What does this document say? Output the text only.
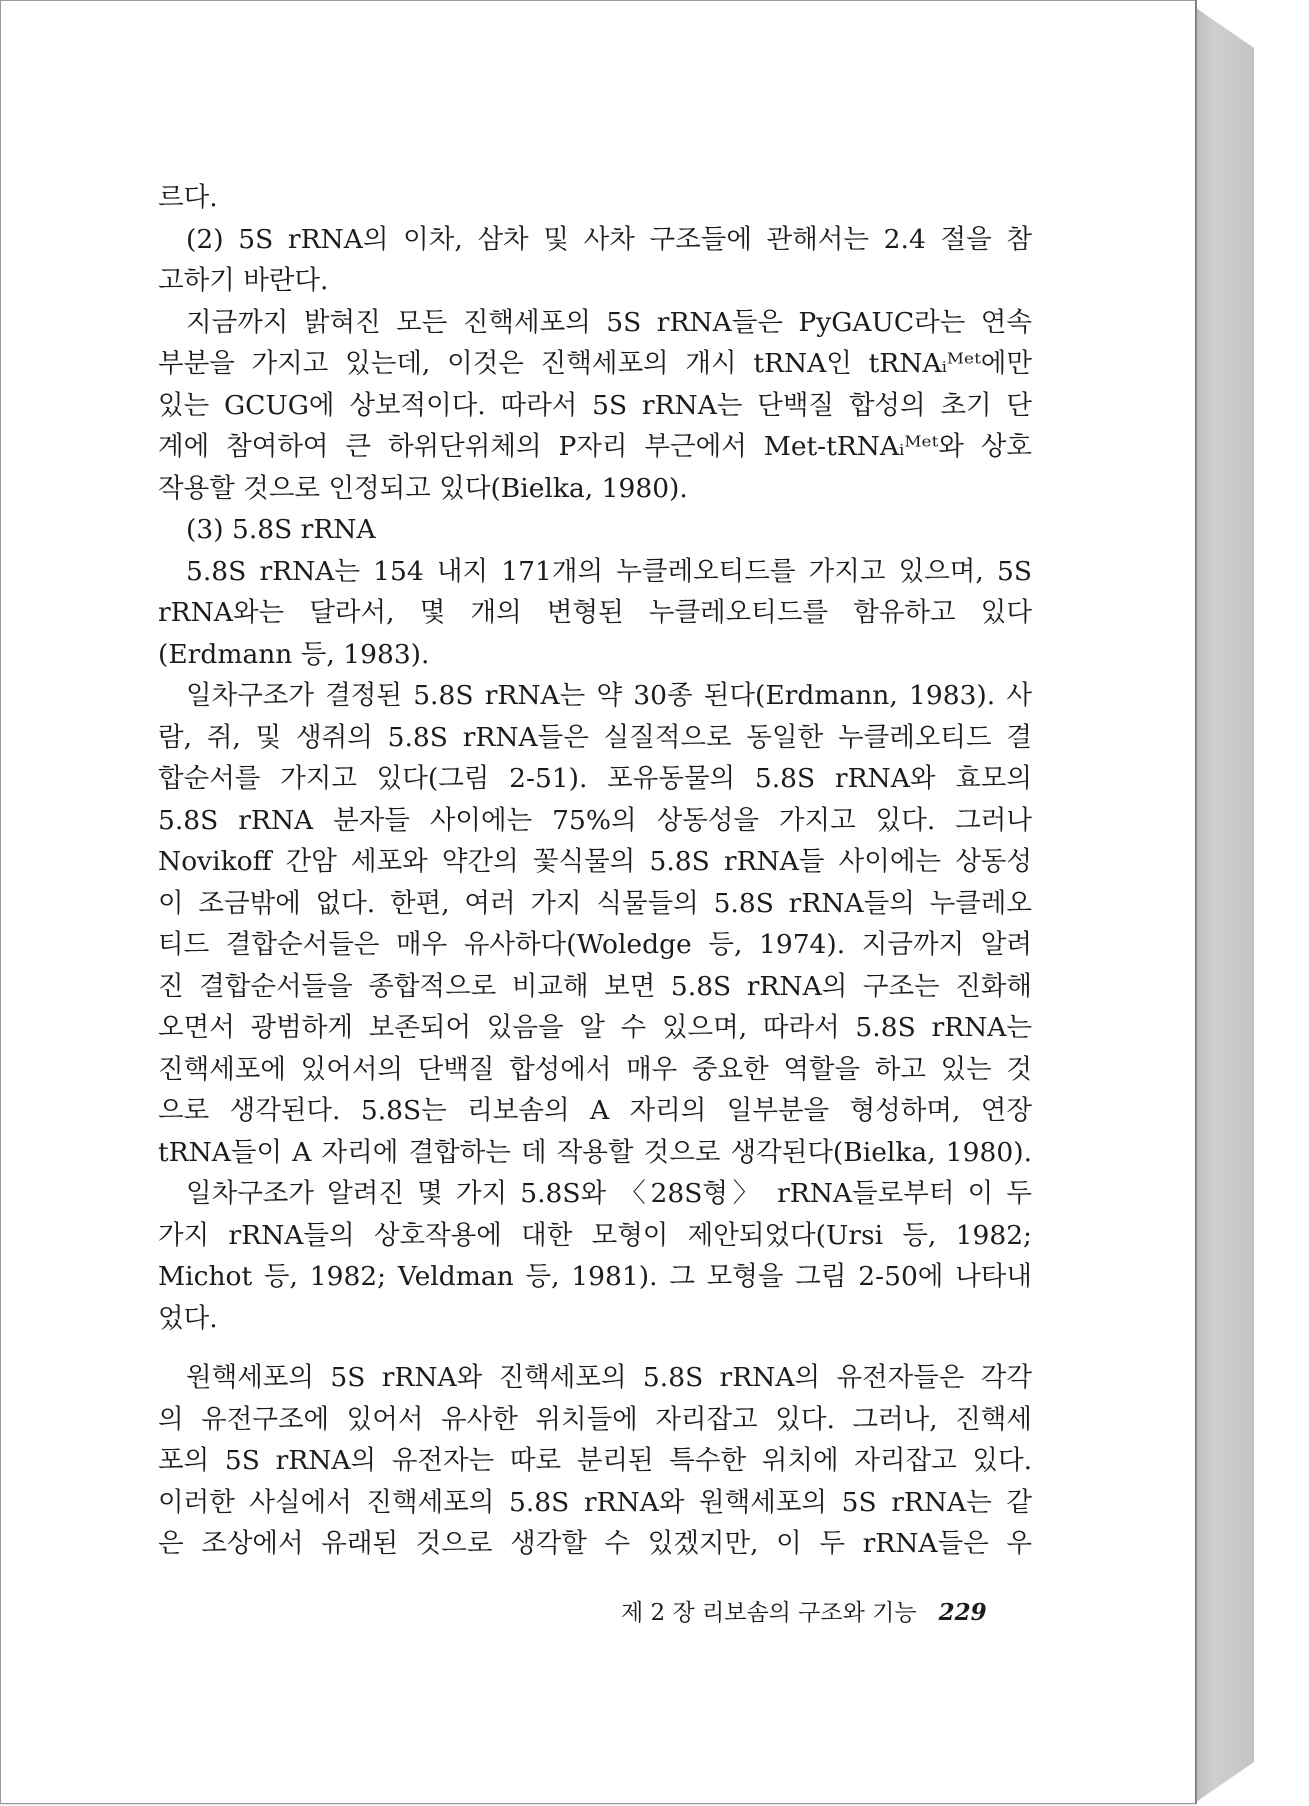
르다.
(2) 5S rRNA의 이차, 삼차 및 사차 구조들에 관해서는 2.4 절을 참
고하기 바란다.
지금까지 밝혀진 모든 진핵세포의 5S rRNA들은 PyGAUC라는 연속
부분을 가지고 있는데, 이것은 진핵세포의 개시 tRNA인 tRNAᵢᴹᵉᵗ에만
있는 GCUG에 상보적이다. 따라서 5S rRNA는 단백질 합성의 초기 단
계에 참여하여 큰 하위단위체의 P자리 부근에서 Met-tRNAᵢᴹᵉᵗ와 상호
작용할 것으로 인정되고 있다(Bielka, 1980).
(3) 5.8S rRNA
5.8S rRNA는 154 내지 171개의 누클레오티드를 가지고 있으며, 5S
rRNA와는 달라서, 몇 개의 변형된 누클레오티드를 함유하고 있다
(Erdmann 등, 1983).
일차구조가 결정된 5.8S rRNA는 약 30종 된다(Erdmann, 1983). 사
람, 쥐, 및 생쥐의 5.8S rRNA들은 실질적으로 동일한 누클레오티드 결
합순서를 가지고 있다(그림 2-51). 포유동물의 5.8S rRNA와 효모의
5.8S rRNA 분자들 사이에는 75%의 상동성을 가지고 있다. 그러나
Novikoff 간암 세포와 약간의 꽃식물의 5.8S rRNA들 사이에는 상동성
이 조금밖에 없다. 한편, 여러 가지 식물들의 5.8S rRNA들의 누클레오
티드 결합순서들은 매우 유사하다(Woledge 등, 1974). 지금까지 알려
진 결합순서들을 종합적으로 비교해 보면 5.8S rRNA의 구조는 진화해
오면서 광범하게 보존되어 있음을 알 수 있으며, 따라서 5.8S rRNA는
진핵세포에 있어서의 단백질 합성에서 매우 중요한 역할을 하고 있는 것
으로 생각된다. 5.8S는 리보솜의 A 자리의 일부분을 형성하며, 연장
tRNA들이 A 자리에 결합하는 데 작용할 것으로 생각된다(Bielka, 1980).
일차구조가 알려진 몇 가지 5.8S와 〈28S형〉 rRNA들로부터 이 두
가지 rRNA들의 상호작용에 대한 모형이 제안되었다(Ursi 등, 1982;
Michot 등, 1982; Veldman 등, 1981). 그 모형을 그림 2-50에 나타내
었다.
원핵세포의 5S rRNA와 진핵세포의 5.8S rRNA의 유전자들은 각각
의 유전구조에 있어서 유사한 위치들에 자리잡고 있다. 그러나, 진핵세
포의 5S rRNA의 유전자는 따로 분리된 특수한 위치에 자리잡고 있다.
이러한 사실에서 진핵세포의 5.8S rRNA와 원핵세포의 5S rRNA는 같
은 조상에서 유래된 것으로 생각할 수 있겠지만, 이 두 rRNA들은 우
제 2 장 리보솜의 구조와 기능 229
